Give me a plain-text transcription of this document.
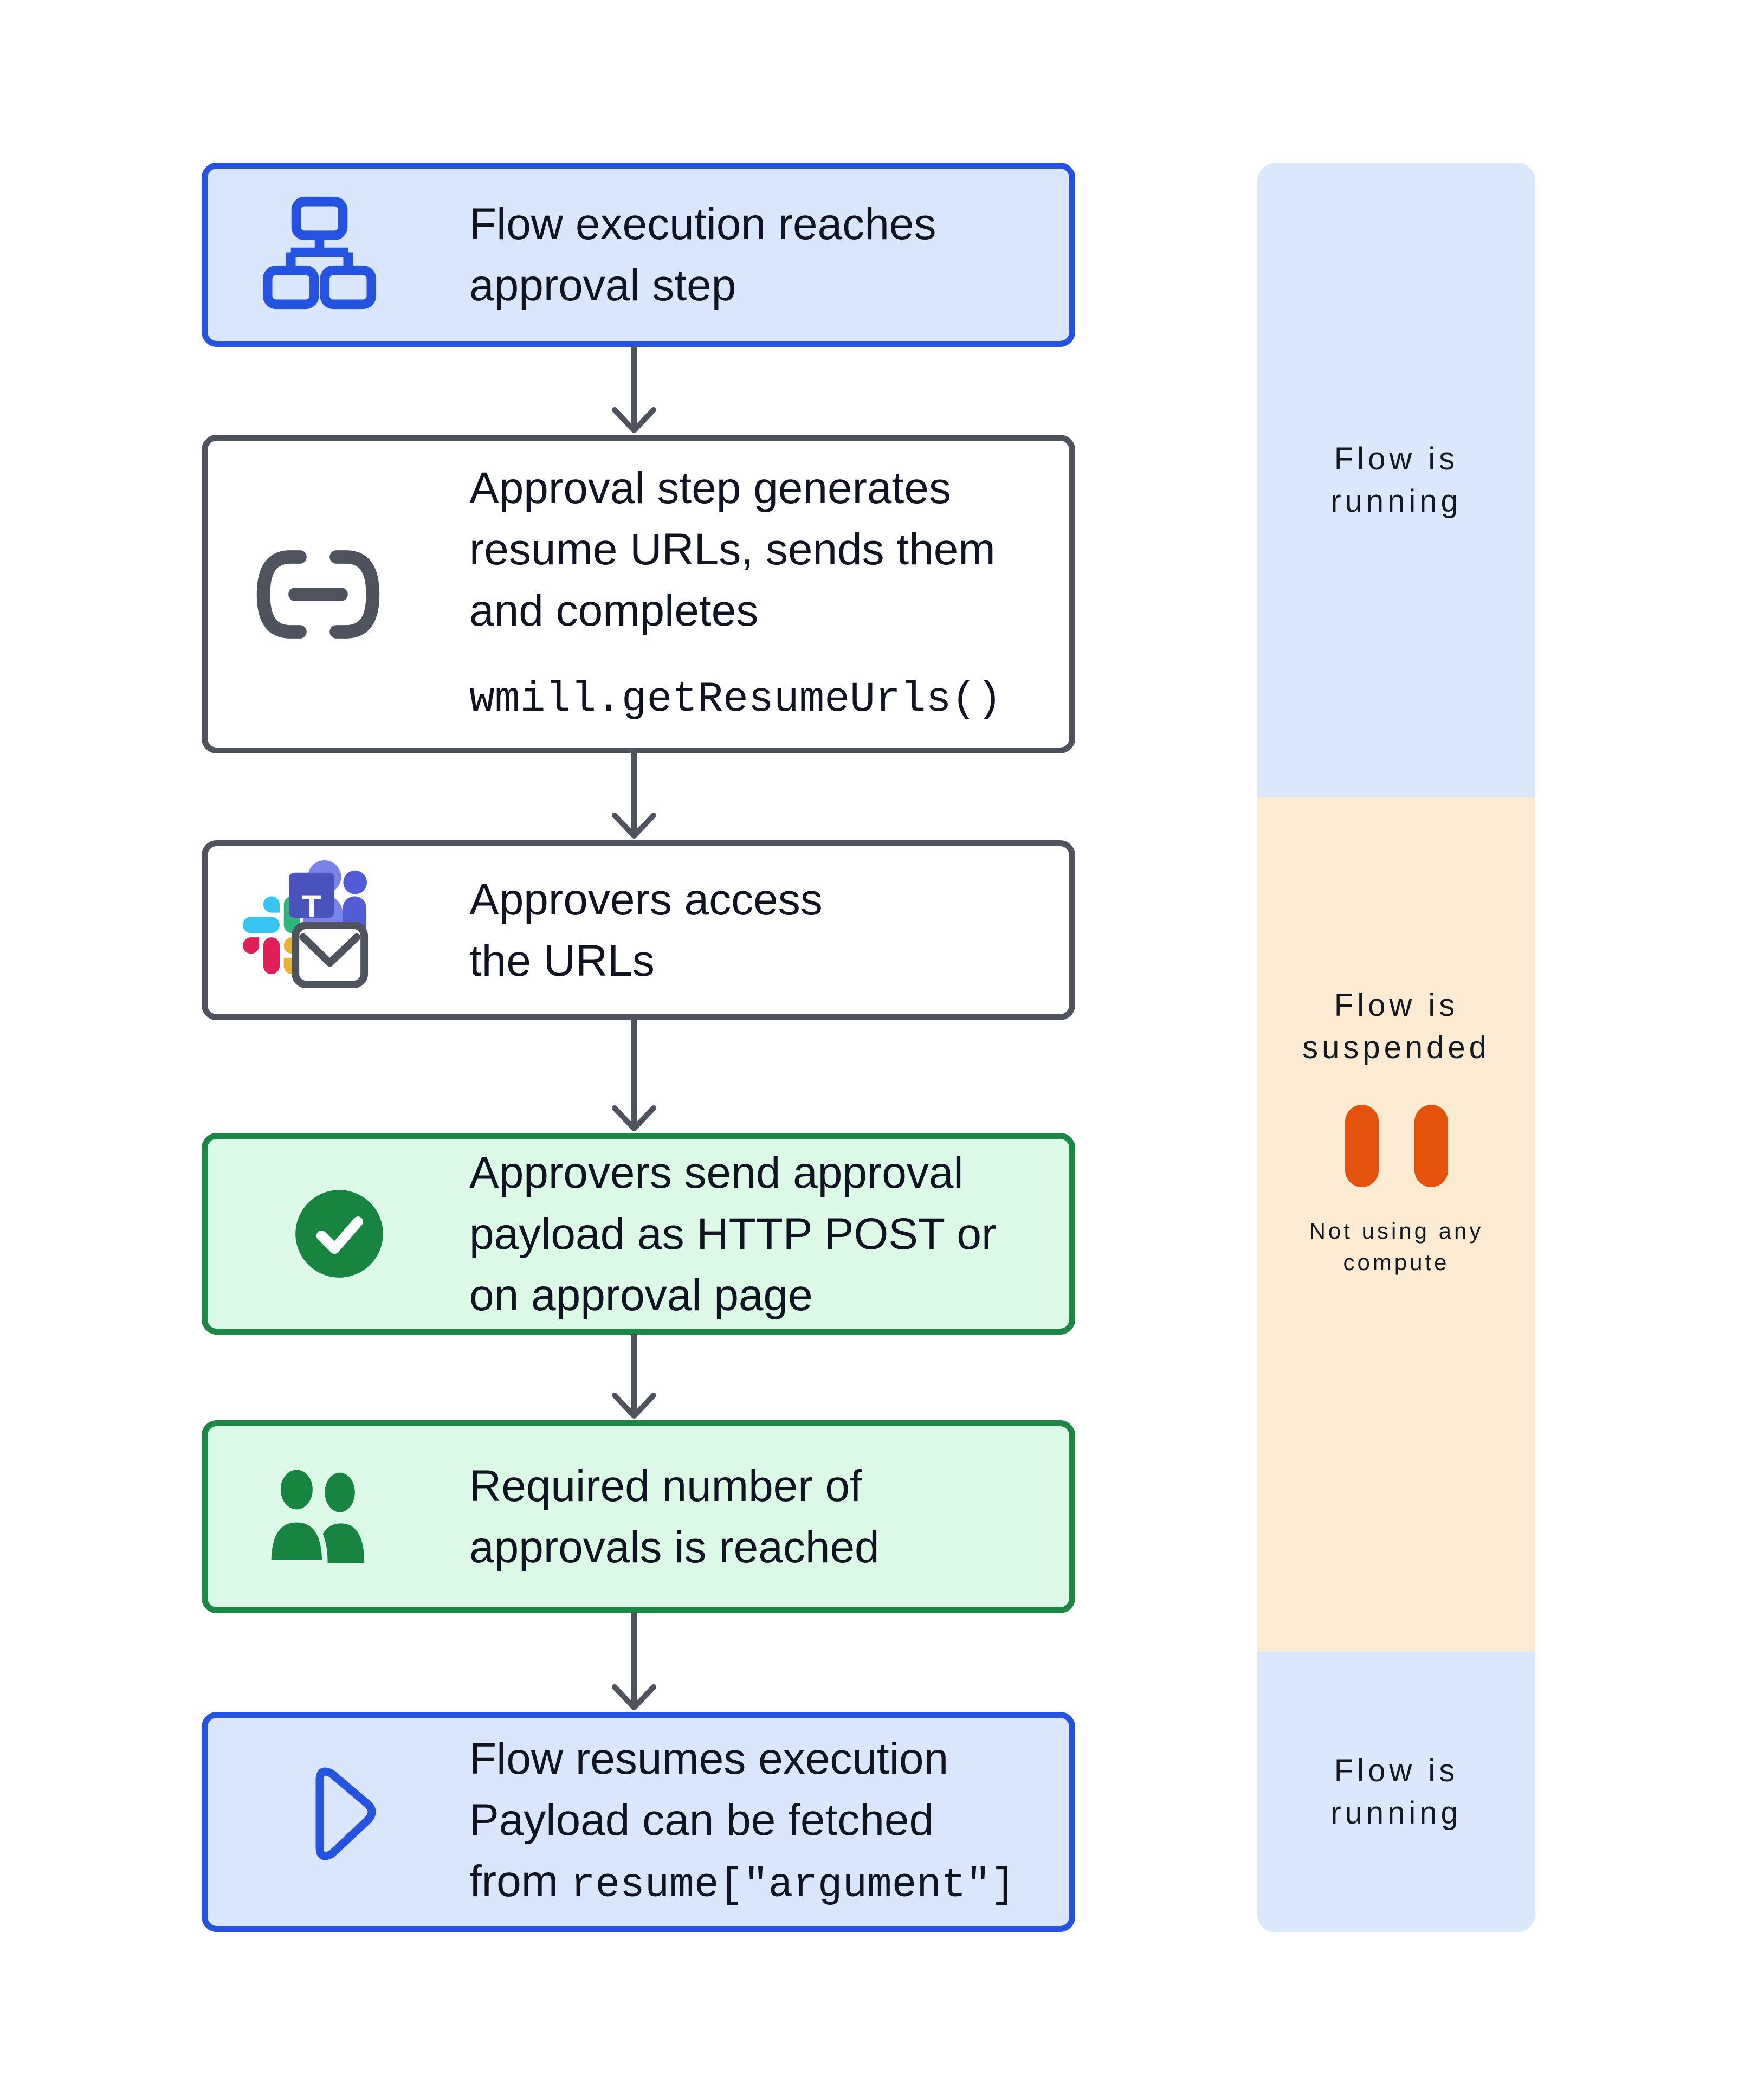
Flow execution reaches
approval step
Approval step generates
resume URLs, sends them
and completes
wmill.getResumeUrls()
Approvers access
the URLs
T
Approvers send approval
payload as HTTP POST or
on approval page
Required number of
approvals is reached
Flow resumes execution
Payload can be fetched
from resume["argument"]
Flow is
running
Flow is
suspended
Not using any
compute
Flow is
running
